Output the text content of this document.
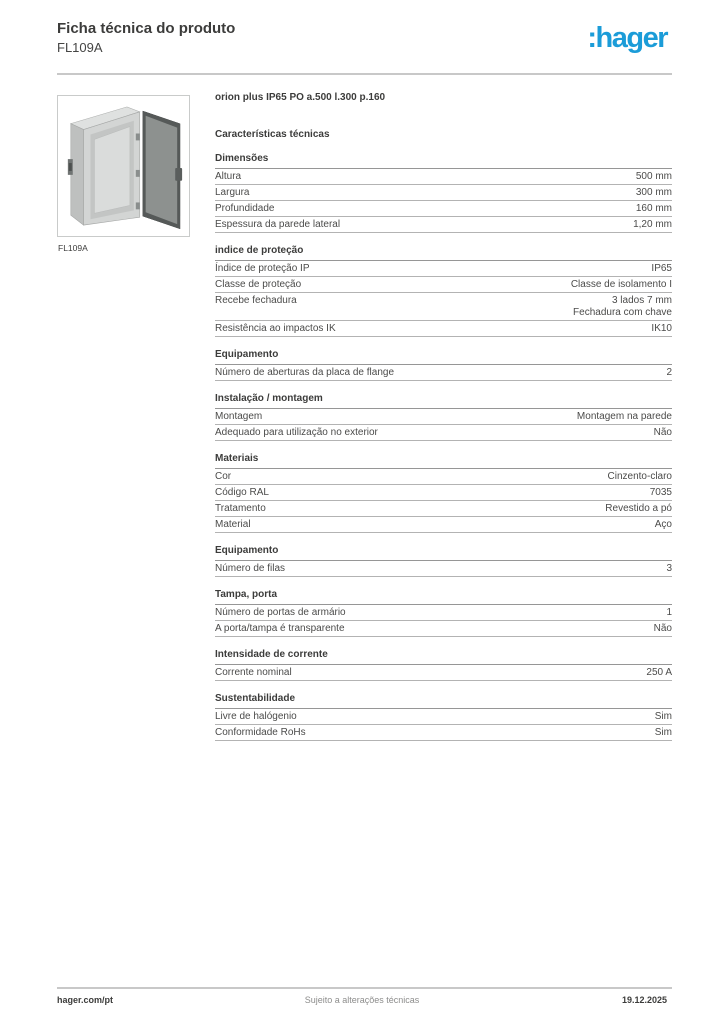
Ficha técnica do produto
FL109A	:hager
FL109A
orion plus IP65 PO a.500 l.300 p.160
Características técnicas
Dimensões
Altura	500 mm
Largura	300 mm
Profundidade	160 mm
Espessura da parede lateral	1,20 mm
indice de proteção
Índice de proteção IP	IP65
Classe de proteção	Classe de isolamento I
Recebe fechadura	3 lados 7 mm
Fechadura com chave
Resistência ao impactos IK	IK10
Equipamento
Número de aberturas da placa de flange	2
Instalação / montagem
Montagem	Montagem na parede
Adequado para utilização no exterior	Não
Materiais
Cor	Cinzento-claro
Código RAL	7035
Tratamento	Revestido a pó
Material	Aço
Equipamento
Número de filas	3
Tampa, porta
Número de portas de armário	1
A porta/tampa é transparente	Não
Intensidade de corrente
Corrente nominal	250 A
Sustentabilidade
Livre de halógenio	Sim
Conformidade RoHs	Sim
hager.com/pt	Sujeito a alterações técnicas	19.12.2025
